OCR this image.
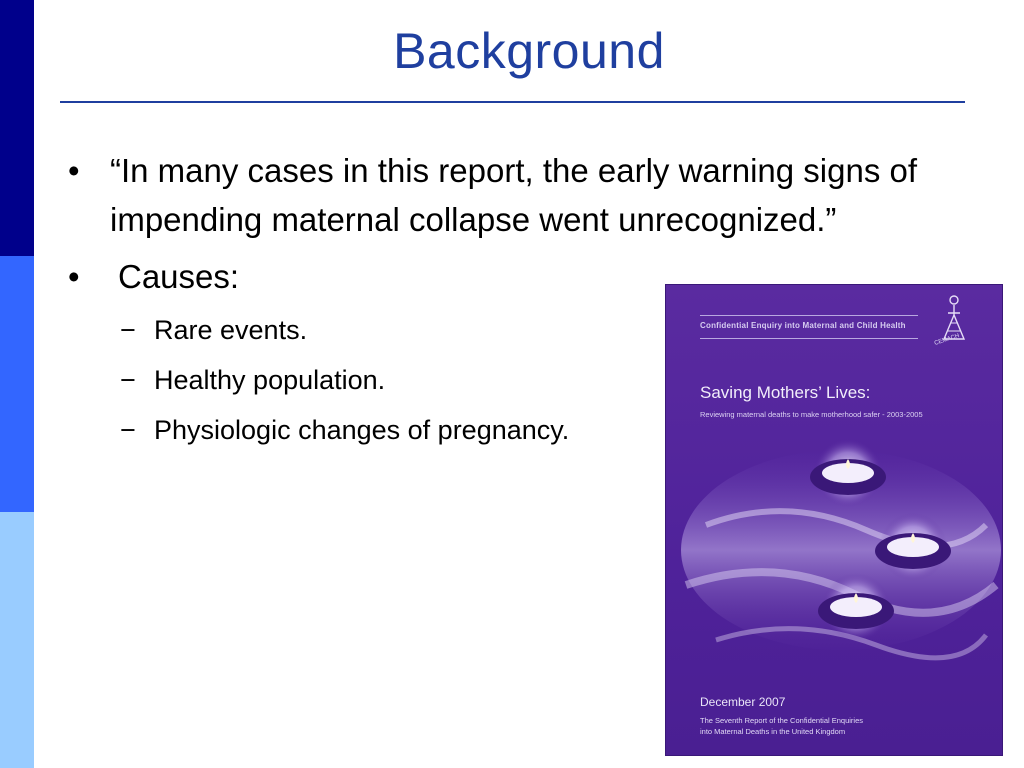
Background
• “In many cases in this report, the early warning signs of impending maternal collapse went unrecognized.”
• Causes:
− Rare events.
− Healthy population.
− Physiologic changes of pregnancy.
Confidential Enquiry into Maternal and Child Health
CEMACH
Saving Mothers’ Lives:
Reviewing maternal deaths to make motherhood safer - 2003-2005
December 2007
The Seventh Report of the Confidential Enquiries
into Maternal Deaths in the United Kingdom
